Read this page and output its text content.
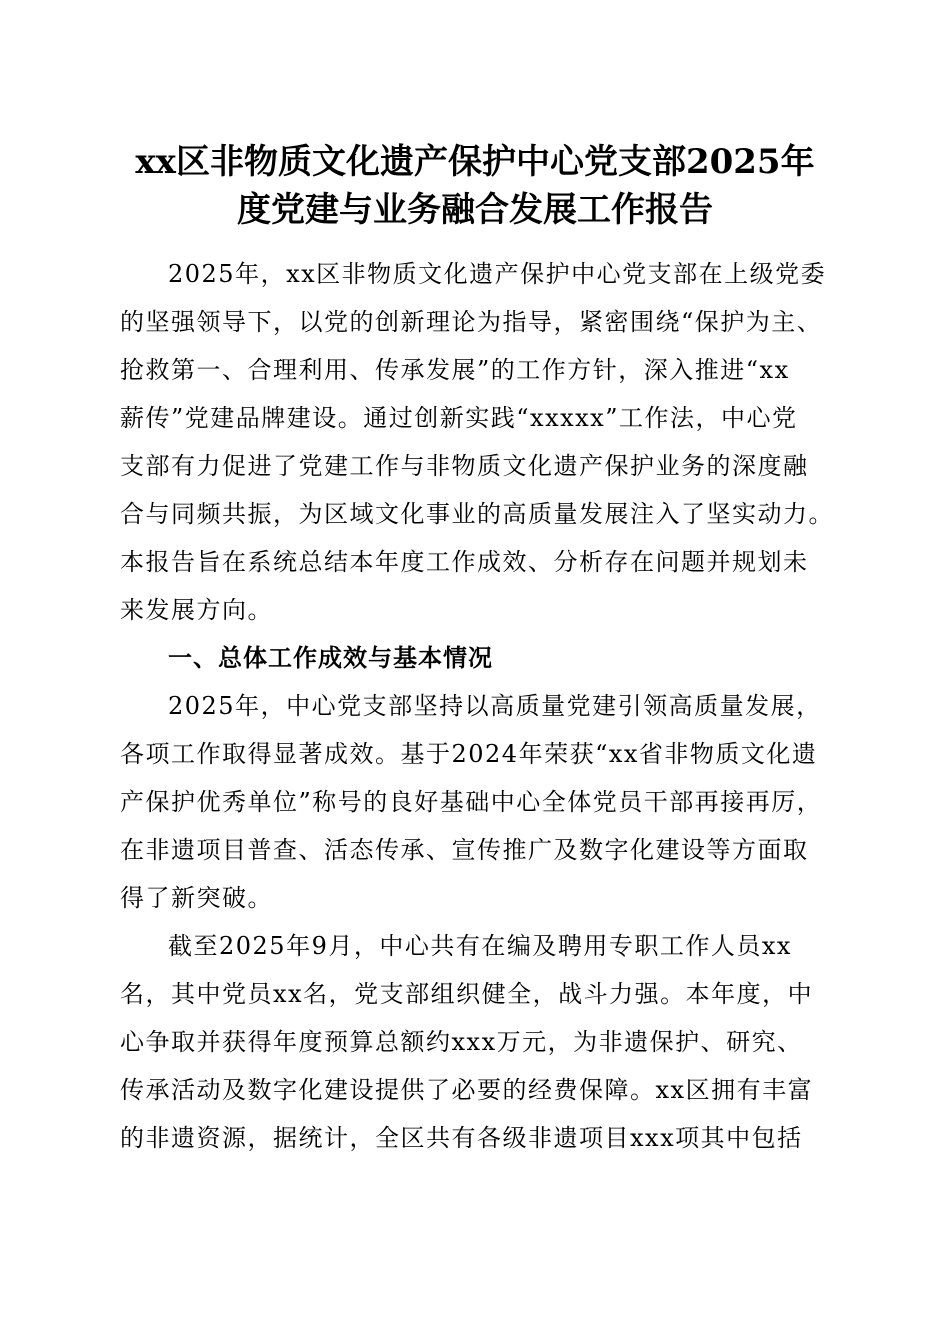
xx区非物质文化遗产保护中心党支部2025年
度党建与业务融合发展工作报告
2025年，xx区非物质文化遗产保护中心党支部在上级党委
的坚强领导下，以党的创新理论为指导，紧密围绕“保护为主、
抢救第一、合理利用、传承发展”的工作方针，深入推进“xx
薪传”党建品牌建设。通过创新实践“xxxxx”工作法，中心党
支部有力促进了党建工作与非物质文化遗产保护业务的深度融
合与同频共振，为区域文化事业的高质量发展注入了坚实动力。
本报告旨在系统总结本年度工作成效、分析存在问题并规划未
来发展方向。
一、总体工作成效与基本情况
2025年，中心党支部坚持以高质量党建引领高质量发展，
各项工作取得显著成效。基于2024年荣获“xx省非物质文化遗
产保护优秀单位”称号的良好基础中心全体党员干部再接再厉，
在非遗项目普查、活态传承、宣传推广及数字化建设等方面取
得了新突破。
截至2025年9月，中心共有在编及聘用专职工作人员xx
名，其中党员xx名，党支部组织健全，战斗力强。本年度，中
心争取并获得年度预算总额约xxx万元，为非遗保护、研究、
传承活动及数字化建设提供了必要的经费保障。xx区拥有丰富
的非遗资源，据统计，全区共有各级非遗项目xxx项其中包括
